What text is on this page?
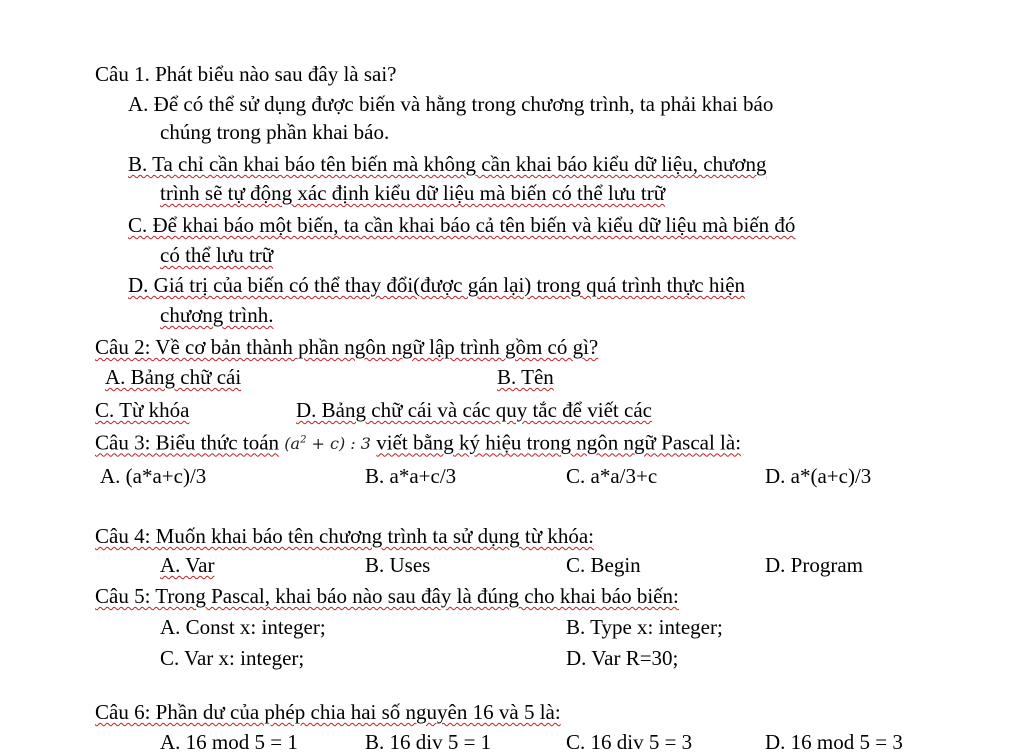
Câu 1. Phát biểu nào sau đây là sai?
A. Để có thể sử dụng được biến và hằng trong chương trình, ta phải khai báo
chúng trong phần khai báo.
B. Ta chỉ cần khai báo tên biến mà không cần khai báo kiểu dữ liệu, chương
trình sẽ tự động xác định kiểu dữ liệu mà biến có thể lưu trữ
C. Để khai báo một biến, ta cần khai báo cả tên biến và kiểu dữ liệu mà biến đó
có thể lưu trữ
D. Giá trị của biến có thể thay đổi(được gán lại) trong quá trình thực hiện
chương trình.
Câu 2: Về cơ bản thành phần ngôn ngữ lập trình gồm có gì?
A. Bảng chữ cái	B. Tên
C. Từ khóa	D. Bảng chữ cái và các quy tắc để viết các
Câu 3: Biểu thức toán $(a^2 + c)$ : 3 viết bằng ký hiệu trong ngôn ngữ Pascal là:
A. (a*a+c)/3	B. a*a+c/3	C. a*a/3+c	D. a*(a+c)/3
Câu 4: Muốn khai báo tên chương trình ta sử dụng từ khóa:
A. Var	B. Uses	C. Begin	D. Program
Câu 5: Trong Pascal, khai báo nào sau đây là đúng cho khai báo biến:
A. Const x: integer;	B. Type x: integer;
C. Var x: integer;	D. Var R=30;
Câu 6: Phần dư của phép chia hai số nguyên 16 và 5 là:
A. 16 mod 5 = 1	B. 16 div 5 = 1	C. 16 div 5 = 3	D. 16 mod 5 = 3
